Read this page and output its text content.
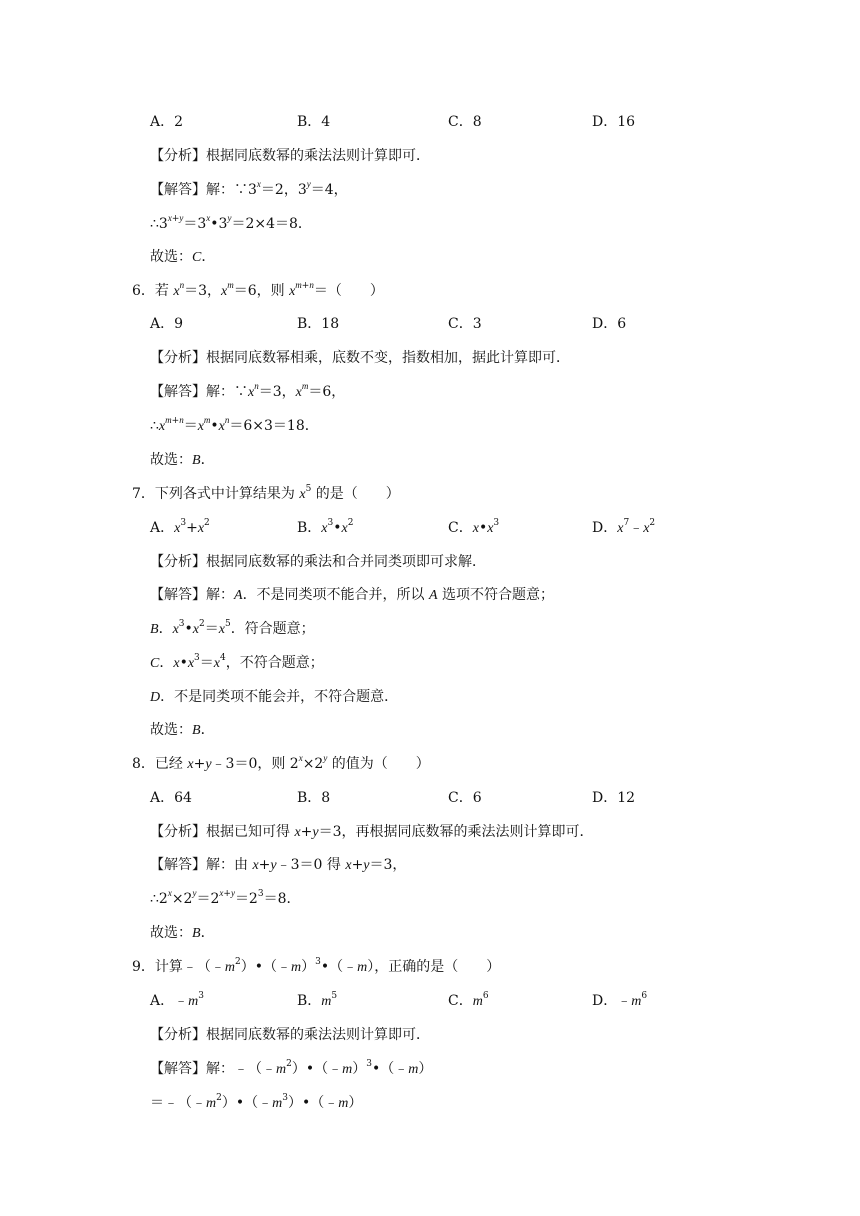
A．2	B．4	C．8	D．16
【分析】根据同底数幂的乘法法则计算即可．
【解答】解：$\because 3^x=2$，$3^y=4$，
$\therefore 3^{x+y}=3^x•3^y=2\times 4=8$．
故选：C．
6．若 $x^n=3$，$x^m=6$，则 $x^{m+n}=$（　　）
A．9	B．18	C．3	D．6
【分析】根据同底数幂相乘，底数不变，指数相加，据此计算即可．
【解答】解：$\because x^n=3$，$x^m=6$，
$\therefore x^{m+n}=x^m•x^n=6\times 3=18$．
故选：B．
7．下列各式中计算结果为 $x^5$ 的是（　　）
A．$x^3+x^2$	B．$x^3•x^2$	C．$x•x^3$	D．$x^7﹣x^2$
【分析】根据同底数幂的乘法和合并同类项即可求解．
【解答】解：A．不是同类项不能合并，所以 A 选项不符合题意；
B．$x^3•x^2=x^5$．符合题意；
C．$x•x^3=x^4$，不符合题意；
D．不是同类项不能会并，不符合题意．
故选：B．
8．已经 x+y﹣3＝0，则 $2^x\times 2^y$ 的值为（　　）
A．64	B．8	C．6	D．12
【分析】根据已知可得 x+y＝3，再根据同底数幂的乘法法则计算即可．
【解答】解：由 x+y﹣3＝0 得 x+y＝3，
$\therefore 2^x\times 2^y=2^{x+y}=2^3=8$．
故选：B．
9．计算$﹣(﹣m^2)•(﹣m)^3•(﹣m)$，正确的是（　　）
A．$﹣m^3$	B．$m^5$	C．$m^6$	D．$﹣m^6$
【分析】根据同底数幂的乘法法则计算即可．
【解答】解：$﹣(﹣m^2)•(﹣m)^3•(﹣m)$
$=﹣(﹣m^2)•(﹣m^3)•(﹣m)$
